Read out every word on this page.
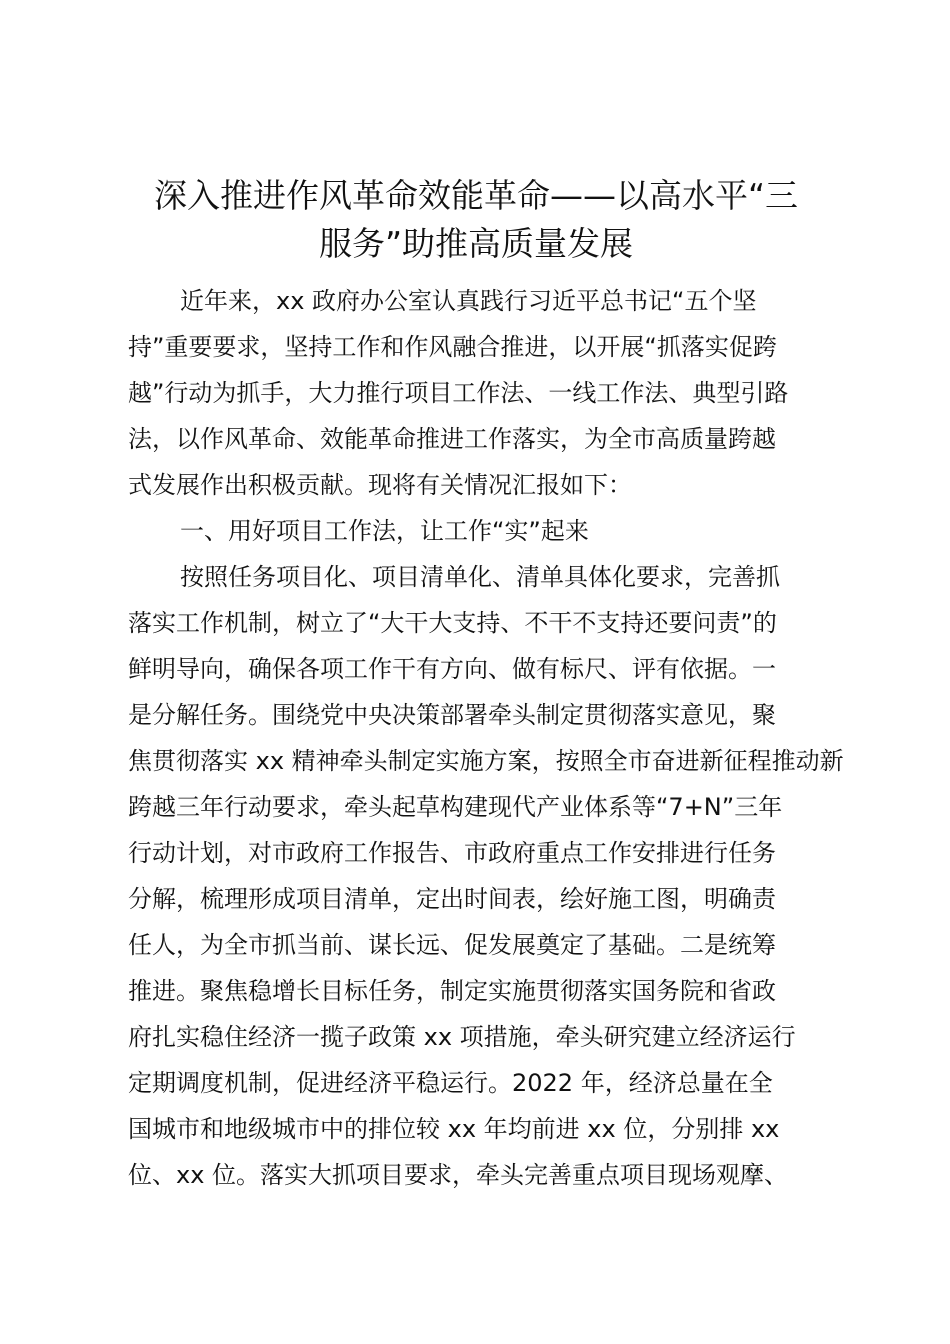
深入推进作风革命效能革命——以高水平“三
服务”助推高质量发展
近年来，xx 政府办公室认真践行习近平总书记“五个坚
持”重要要求，坚持工作和作风融合推进，以开展“抓落实促跨
越”行动为抓手，大力推行项目工作法、一线工作法、典型引路
法，以作风革命、效能革命推进工作落实，为全市高质量跨越
式发展作出积极贡献。现将有关情况汇报如下：
一、用好项目工作法，让工作“实”起来
按照任务项目化、项目清单化、清单具体化要求，完善抓
落实工作机制，树立了“大干大支持、不干不支持还要问责”的
鲜明导向，确保各项工作干有方向、做有标尺、评有依据。一
是分解任务。围绕党中央决策部署牵头制定贯彻落实意见，聚
焦贯彻落实 xx 精神牵头制定实施方案，按照全市奋进新征程推动新
跨越三年行动要求，牵头起草构建现代产业体系等“7+N”三年
行动计划，对市政府工作报告、市政府重点工作安排进行任务
分解，梳理形成项目清单，定出时间表，绘好施工图，明确责
任人，为全市抓当前、谋长远、促发展奠定了基础。二是统筹
推进。聚焦稳增长目标任务，制定实施贯彻落实国务院和省政
府扎实稳住经济一揽子政策 xx 项措施，牵头研究建立经济运行
定期调度机制，促进经济平稳运行。2022 年，经济总量在全
国城市和地级城市中的排位较 xx 年均前进 xx 位，分别排 xx
位、xx 位。落实大抓项目要求，牵头完善重点项目现场观摩、
